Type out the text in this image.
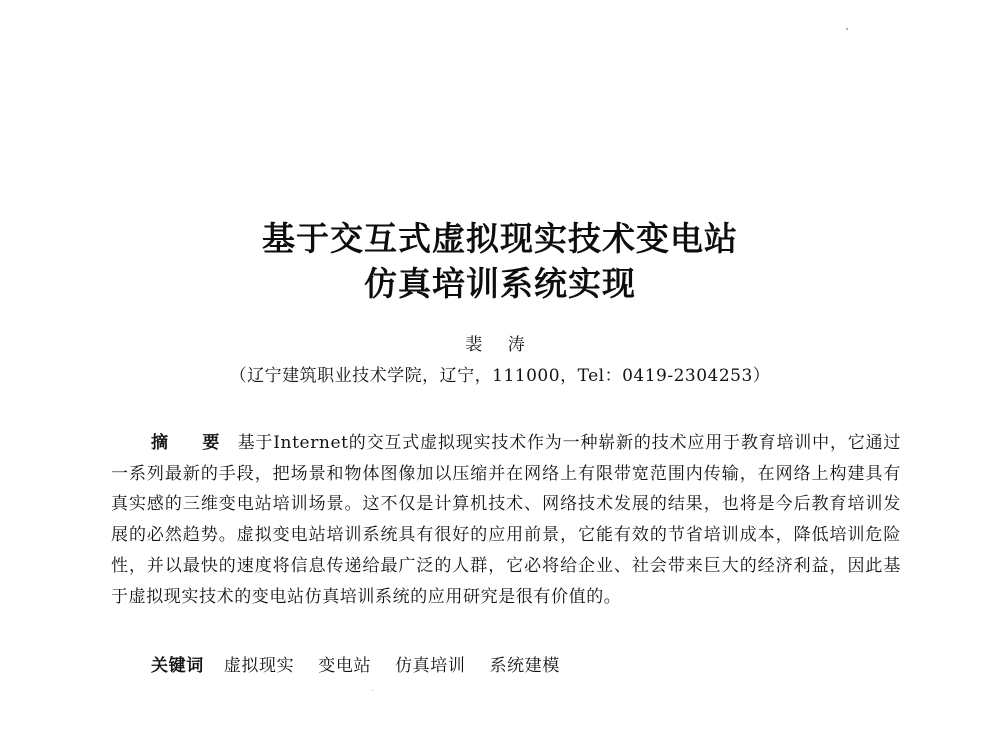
基于交互式虚拟现实技术变电站
仿真培训系统实现
裴 涛
（辽宁建筑职业技术学院，辽宁，111000，Tel：0419-2304253）
摘 要 基于Internet的交互式虚拟现实技术作为一种崭新的技术应用于教育培训中，它通过一系列最新的手段，把场景和物体图像加以压缩并在网络上有限带宽范围内传输，在网络上构建具有真实感的三维变电站培训场景。这不仅是计算机技术、网络技术发展的结果，也将是今后教育培训发展的必然趋势。虚拟变电站培训系统具有很好的应用前景，它能有效的节省培训成本，降低培训危险性，并以最快的速度将信息传递给最广泛的人群，它必将给企业、社会带来巨大的经济利益，因此基于虚拟现实技术的变电站仿真培训系统的应用研究是很有价值的。
关键词 虚拟现实 变电站 仿真培训 系统建模
